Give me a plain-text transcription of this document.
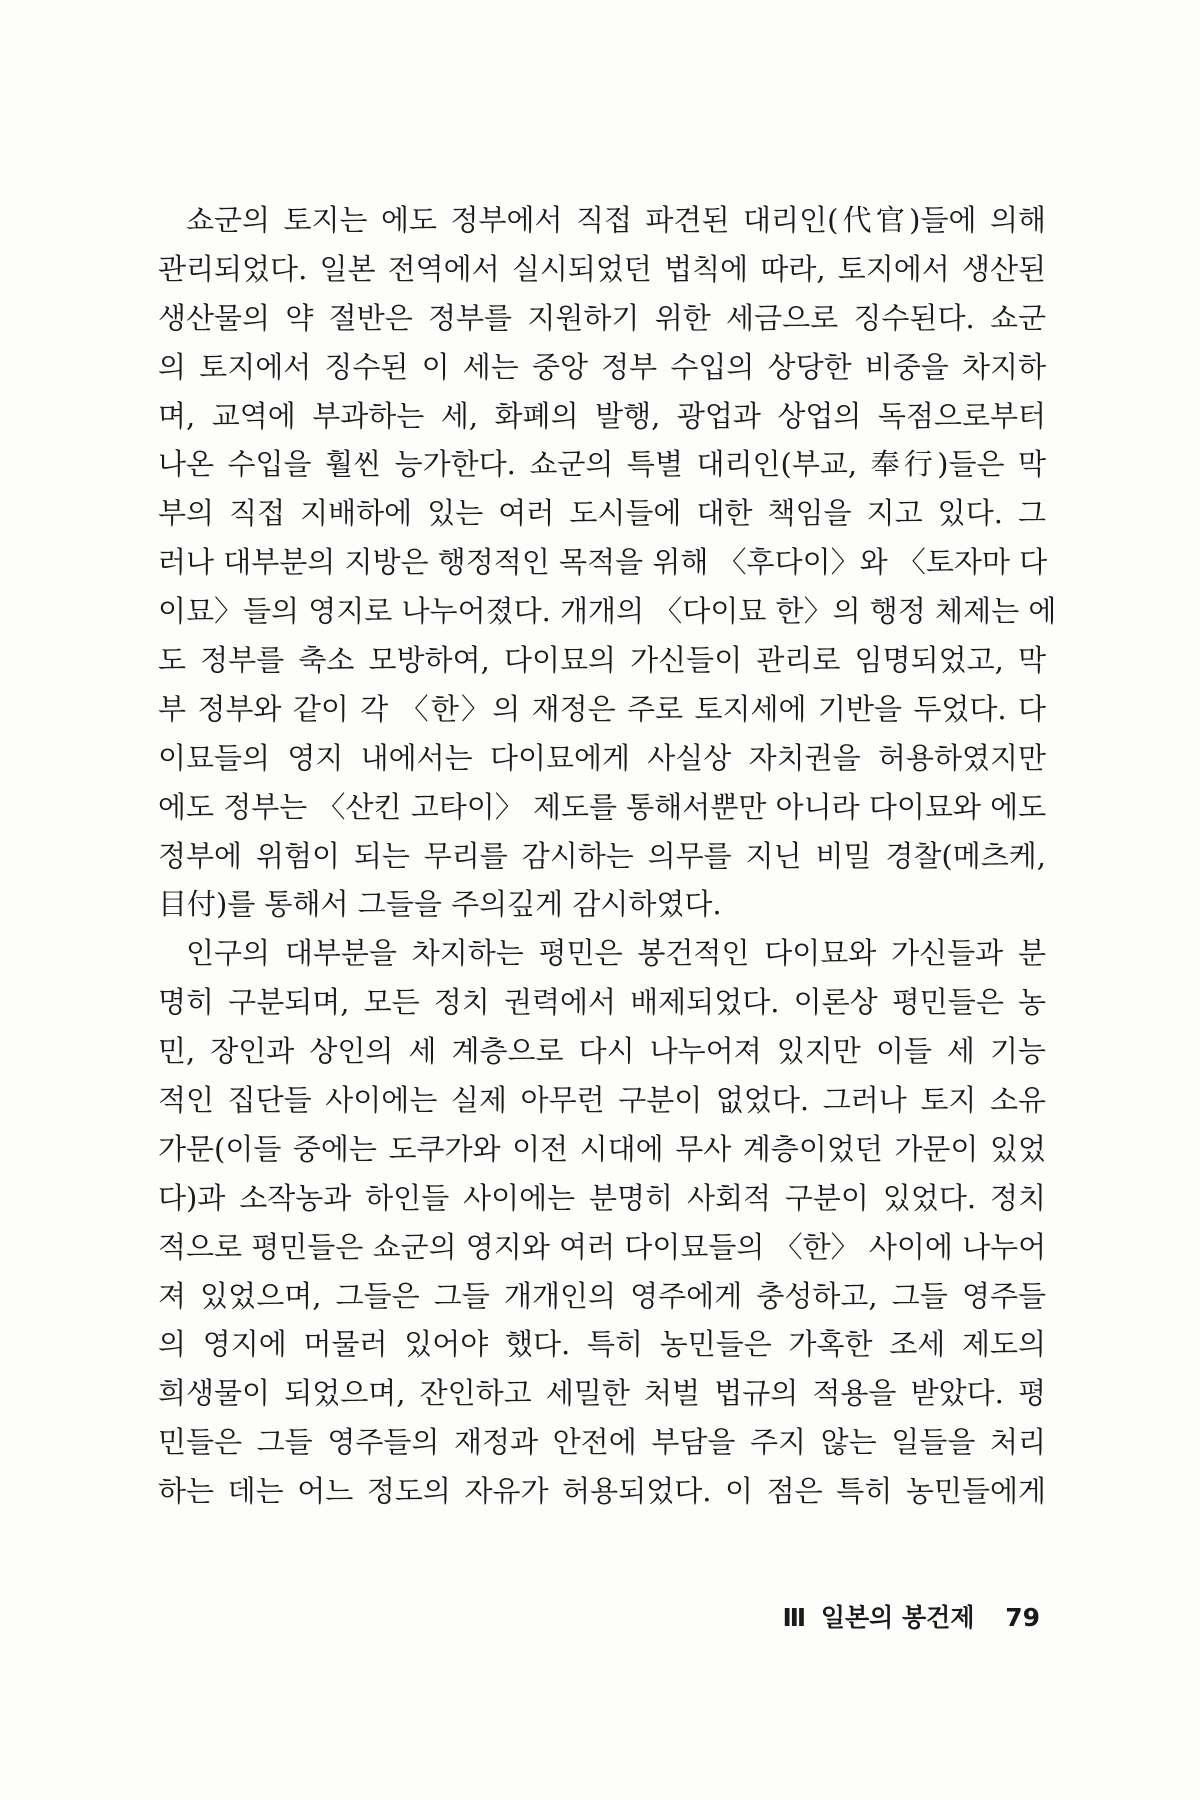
쇼군의 토지는 에도 정부에서 직접 파견된 대리인(代官)들에 의해
관리되었다. 일본 전역에서 실시되었던 법칙에 따라, 토지에서 생산된
생산물의 약 절반은 정부를 지원하기 위한 세금으로 징수된다. 쇼군
의 토지에서 징수된 이 세는 중앙 정부 수입의 상당한 비중을 차지하
며, 교역에 부과하는 세, 화폐의 발행, 광업과 상업의 독점으로부터
나온 수입을 훨씬 능가한다. 쇼군의 특별 대리인(부교, 奉行)들은 막
부의 직접 지배하에 있는 여러 도시들에 대한 책임을 지고 있다. 그
러나 대부분의 지방은 행정적인 목적을 위해 〈후다이〉와 〈토자마 다
이묘〉들의 영지로 나누어졌다. 개개의 〈다이묘 한〉의 행정 체제는 에
도 정부를 축소 모방하여, 다이묘의 가신들이 관리로 임명되었고, 막
부 정부와 같이 각 〈한〉의 재정은 주로 토지세에 기반을 두었다. 다
이묘들의 영지 내에서는 다이묘에게 사실상 자치권을 허용하였지만
에도 정부는 〈산킨 고타이〉 제도를 통해서뿐만 아니라 다이묘와 에도
정부에 위험이 되는 무리를 감시하는 의무를 지닌 비밀 경찰(메츠케,
目付)를 통해서 그들을 주의깊게 감시하였다.
인구의 대부분을 차지하는 평민은 봉건적인 다이묘와 가신들과 분
명히 구분되며, 모든 정치 권력에서 배제되었다. 이론상 평민들은 농
민, 장인과 상인의 세 계층으로 다시 나누어져 있지만 이들 세 기능
적인 집단들 사이에는 실제 아무런 구분이 없었다. 그러나 토지 소유
가문(이들 중에는 도쿠가와 이전 시대에 무사 계층이었던 가문이 있었
다)과 소작농과 하인들 사이에는 분명히 사회적 구분이 있었다. 정치
적으로 평민들은 쇼군의 영지와 여러 다이묘들의 〈한〉 사이에 나누어
져 있었으며, 그들은 그들 개개인의 영주에게 충성하고, 그들 영주들
의 영지에 머물러 있어야 했다. 특히 농민들은 가혹한 조세 제도의
희생물이 되었으며, 잔인하고 세밀한 처벌 법규의 적용을 받았다. 평
민들은 그들 영주들의 재정과 안전에 부담을 주지 않는 일들을 처리
하는 데는 어느 정도의 자유가 허용되었다. 이 점은 특히 농민들에게
Ⅲ 일본의 봉건제 79
